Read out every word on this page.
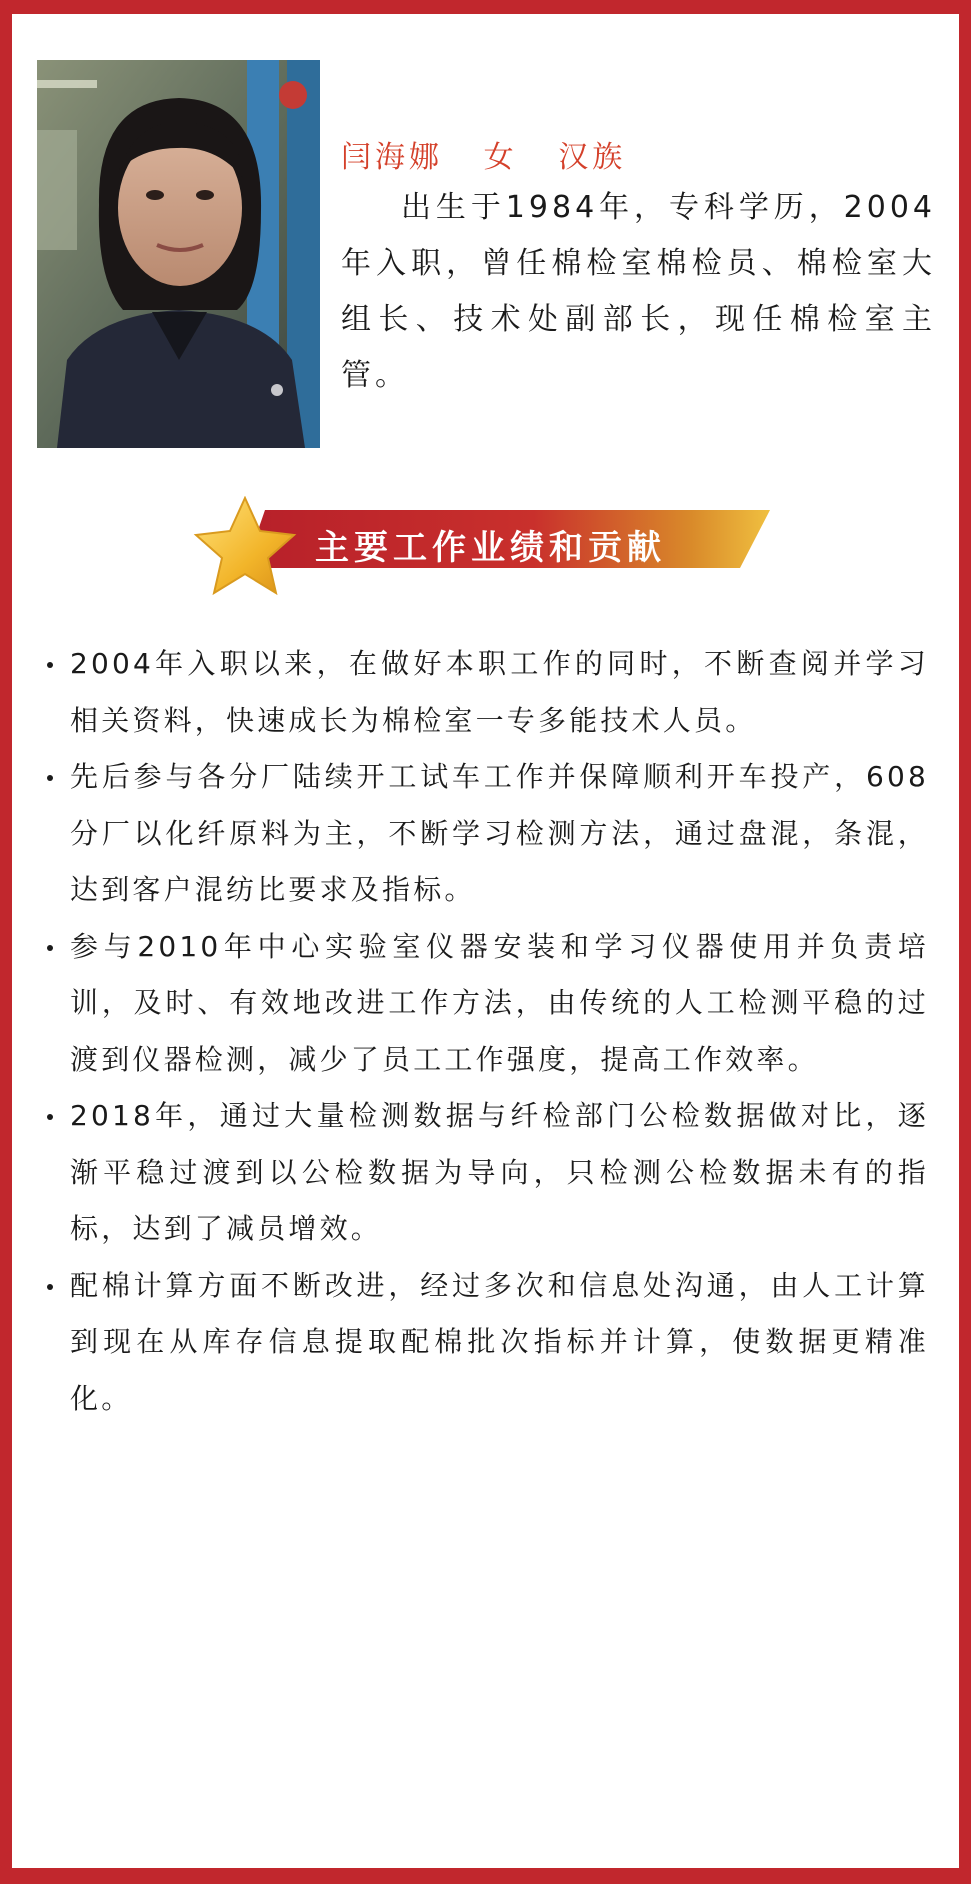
闫海娜   女   汉族
出生于1984年，专科学历，2004年入职，曾任棉检室棉检员、棉检室大组长、技术处副部长，现任棉检室主管。
主要工作业绩和贡献
2004年入职以来，在做好本职工作的同时，不断查阅并学习相关资料，快速成长为棉检室一专多能技术人员。
先后参与各分厂陆续开工试车工作并保障顺利开车投产，608分厂以化纤原料为主，不断学习检测方法，通过盘混，条混，达到客户混纺比要求及指标。
参与2010年中心实验室仪器安装和学习仪器使用并负责培训，及时、有效地改进工作方法，由传统的人工检测平稳的过渡到仪器检测，减少了员工工作强度，提高工作效率。
2018年，通过大量检测数据与纤检部门公检数据做对比，逐渐平稳过渡到以公检数据为导向，只检测公检数据未有的指标，达到了减员增效。
配棉计算方面不断改进，经过多次和信息处沟通，由人工计算到现在从库存信息提取配棉批次指标并计算，使数据更精准化。
